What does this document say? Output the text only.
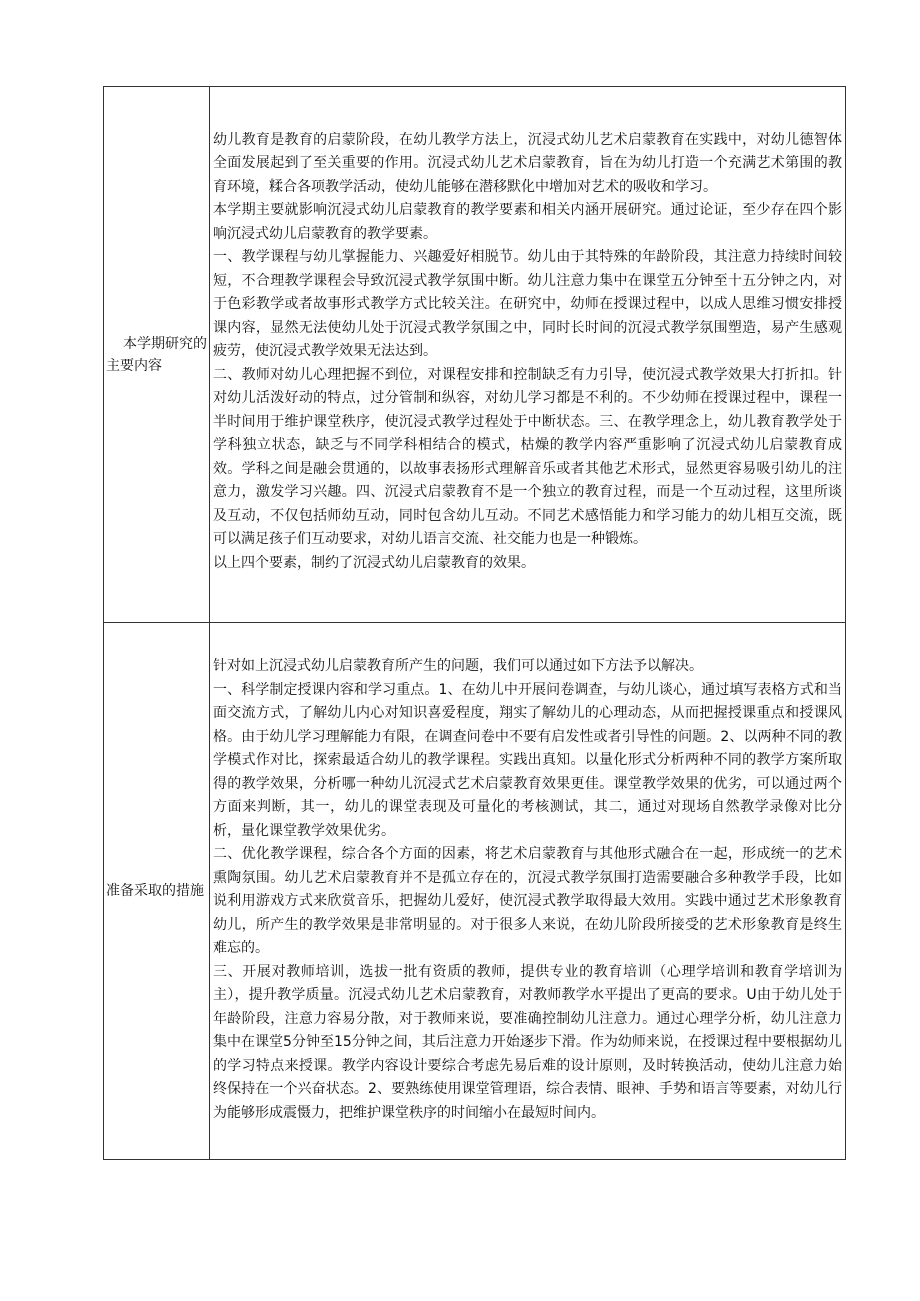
本学期研究的主要内容	幼儿教育是教育的启蒙阶段，在幼儿教学方法上，沉浸式幼儿艺术启蒙教育在实践中，对幼儿德智体全面发展起到了至关重要的作用。沉浸式幼儿艺术启蒙教育，旨在为幼儿打造一个充满艺术第围的教育环境，糅合各项教学活动，使幼儿能够在潜移默化中增加对艺术的吸收和学习。

本学期主要就影响沉浸式幼儿启蒙教育的教学要素和相关内涵开展研究。通过论证，至少存在四个影响沉浸式幼儿启蒙教育的教学要素。

一、教学课程与幼儿掌握能力、兴趣爱好相脱节。幼儿由于其特殊的年龄阶段，其注意力持续时间较短，不合理教学课程会导致沉浸式教学氛围中断。幼儿注意力集中在课堂五分钟至十五分钟之内，对于色彩教学或者故事形式教学方式比较关注。在研究中，幼师在授课过程中，以成人思维习惯安排授课内容，显然无法使幼儿处于沉浸式教学氛围之中，同时长时间的沉浸式教学氛围塑造，易产生感观疲劳，使沉浸式教学效果无法达到。

二、教师对幼儿心理把握不到位，对课程安排和控制缺乏有力引导，使沉浸式教学效果大打折扣。针对幼儿活泼好动的特点，过分管制和纵容，对幼儿学习都是不利的。不少幼师在授课过程中，课程一半时间用于维护课堂秩序，使沉浸式教学过程处于中断状态。三、在教学理念上，幼儿教育教学处于学科独立状态，缺乏与不同学科相结合的模式，枯燥的教学内容严重影响了沉浸式幼儿启蒙教育成效。学科之间是融会贯通的，以故事表扬形式理解音乐或者其他艺术形式，显然更容易吸引幼儿的注意力，激发学习兴趣。四、沉浸式启蒙教育不是一个独立的教育过程，而是一个互动过程，这里所谈及互动，不仅包括师幼互动，同时包含幼儿互动。不同艺术感悟能力和学习能力的幼儿相互交流，既可以满足孩子们互动要求，对幼儿语言交流、社交能力也是一种锻炼。

以上四个要素，制约了沉浸式幼儿启蒙教育的效果。

准备采取的措施	针对如上沉浸式幼儿启蒙教育所产生的问题，我们可以通过如下方法予以解决。

一、科学制定授课内容和学习重点。1、在幼儿中开展问卷调查，与幼儿谈心，通过填写表格方式和当面交流方式，了解幼儿内心对知识喜爱程度，翔实了解幼儿的心理动态，从而把握授课重点和授课风格。由于幼儿学习理解能力有限，在调查问卷中不要有启发性或者引导性的问题。2、以两种不同的教学模式作对比，探索最适合幼儿的教学课程。实践出真知。以量化形式分析两种不同的教学方案所取得的教学效果，分析哪一种幼儿沉浸式艺术启蒙教育效果更佳。课堂教学效果的优劣，可以通过两个方面来判断，其一，幼儿的课堂表现及可量化的考核测试，其二，通过对现场自然教学录像对比分析，量化课堂教学效果优劣。

二、优化教学课程，综合各个方面的因素，将艺术启蒙教育与其他形式融合在一起，形成统一的艺术熏陶氛围。幼儿艺术启蒙教育并不是孤立存在的，沉浸式教学氛围打造需要融合多种教学手段，比如说利用游戏方式来欣赏音乐，把握幼儿爱好，使沉浸式教学取得最大效用。实践中通过艺术形象教育幼儿，所产生的教学效果是非常明显的。对于很多人来说，在幼儿阶段所接受的艺术形象教育是终生难忘的。

三、开展对教师培训，选拔一批有资质的教师，提供专业的教育培训（心理学培训和教育学培训为主），提升教学质量。沉浸式幼儿艺术启蒙教育，对教师教学水平提出了更高的要求。U由于幼儿处于年龄阶段，注意力容易分散，对于教师来说，要准确控制幼儿注意力。通过心理学分析，幼儿注意力集中在课堂5分钟至15分钟之间，其后注意力开始逐步下滑。作为幼师来说，在授课过程中要根据幼儿的学习特点来授课。教学内容设计要综合考虑先易后难的设计原则，及时转换活动，使幼儿注意力始终保持在一个兴奋状态。2、要熟练使用课堂管理语，综合表情、眼神、手势和语言等要素，对幼儿行为能够形成震慑力，把维护课堂秩序的时间缩小在最短时间内。
